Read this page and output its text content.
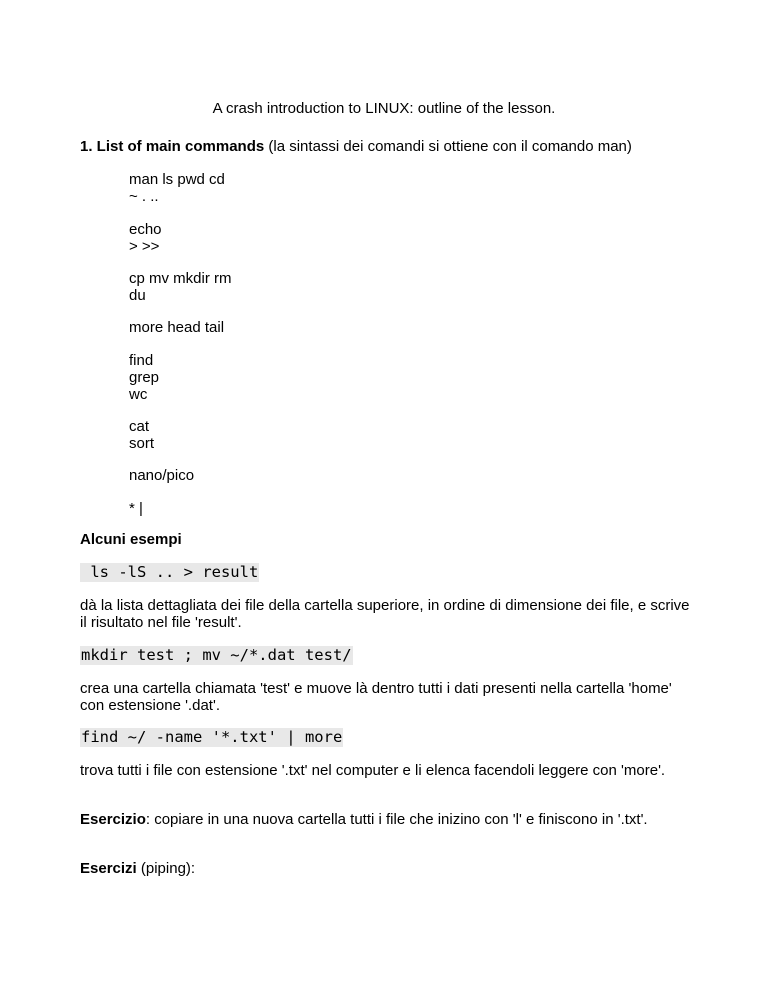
A crash introduction to LINUX: outline of the lesson.
1. List of main commands (la sintassi dei comandi si ottiene con il comando man)
man ls pwd cd
~ . ..
echo
> >>
cp mv mkdir rm
du
more head tail
find
grep
wc
cat
sort
nano/pico
* |
Alcuni esempi
ls -lS .. > result
dà la lista dettagliata dei file della cartella superiore, in ordine di dimensione dei file, e scrive il risultato nel file 'result'.
mkdir test ; mv ~/*.dat test/
crea una cartella chiamata 'test' e muove là dentro tutti i dati presenti nella cartella 'home' con estensione '.dat'.
find ~/ -name '*.txt' | more
trova tutti i file con estensione '.txt' nel computer e li elenca facendoli leggere con 'more'.
Esercizio: copiare in una nuova cartella tutti i file che inizino con 'l' e finiscono in '.txt'.
Esercizi (piping):
